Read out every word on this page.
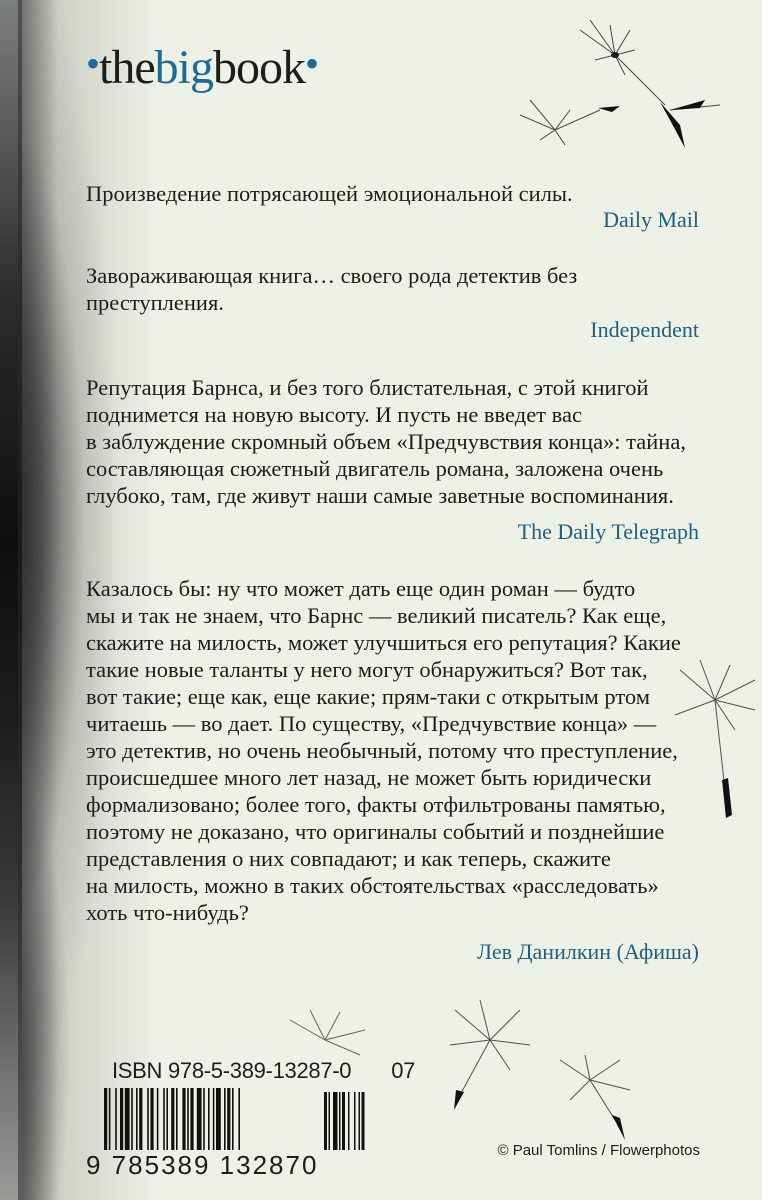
•thebigbook•
Произведение потрясающей эмоциональной силы.
Daily Mail
Завораживающая книга… своего рода детектив без
преступления.
Independent
Репутация Барнса, и без того блистательная, с этой книгой
поднимется на новую высоту. И пусть не введет вас
в заблуждение скромный объем «Предчувствия конца»: тайна,
составляющая сюжетный двигатель романа, заложена очень
глубоко, там, где живут наши самые заветные воспоминания.
The Daily Telegraph
Казалось бы: ну что может дать еще один роман — будто
мы и так не знаем, что Барнс — великий писатель? Как еще,
скажите на милость, может улучшиться его репутация? Какие
такие новые таланты у него могут обнаружиться? Вот так,
вот такие; еще как, еще какие; прям-таки с открытым ртом
читаешь — во дает. По существу, «Предчувствие конца» —
это детектив, но очень необычный, потому что преступление,
происшедшее много лет назад, не может быть юридически
формализовано; более того, факты отфильтрованы памятью,
поэтому не доказано, что оригиналы событий и позднейшие
представления о них совпадают; и как теперь, скажите
на милость, можно в таких обстоятельствах «расследовать»
хоть что-нибудь?
Лев Данилкин (Афиша)
ISBN 978-5-389-13287-0 07
9 785389 132870	© Paul Tomlins / Flowerphotos
